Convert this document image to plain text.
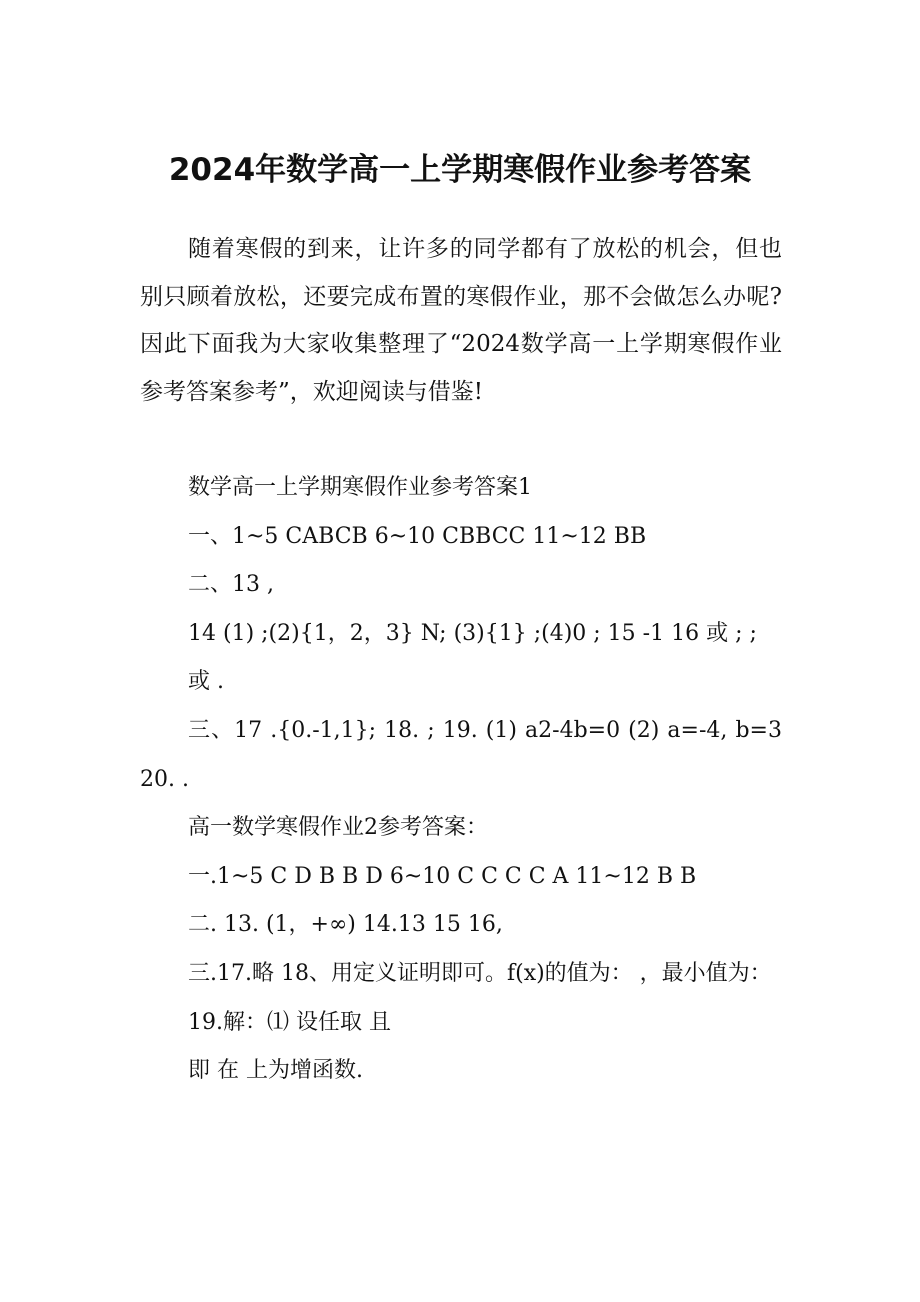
2024年数学高一上学期寒假作业参考答案

随着寒假的到来，让许多的同学都有了放松的机会，但也别只顾着放松，还要完成布置的寒假作业，那不会做怎么办呢?因此下面我为大家收集整理了“2024数学高一上学期寒假作业参考答案参考”，欢迎阅读与借鉴!

数学高一上学期寒假作业参考答案1

一、1~5 CABCB 6~10 CBBCC 11~12 BB

二、13 ,

14 (1) ;(2){1，2，3} N; (3){1} ;(4)0 ; 15 -1 16 或 ; ;

或 .

三、17 .{0.-1,1}; 18. ; 19. (1) a2-4b=0 (2) a=-4, b=3 20. .

高一数学寒假作业2参考答案：

一.1~5 C D B B D 6~10 C C C C A 11~12 B B

二. 13. (1，+∞) 14.13 15 16,

三.17.略 18、用定义证明即可。f(x)的值为： ，最小值为：

19.解：⑴ 设任取 且

即 在 上为增函数.
